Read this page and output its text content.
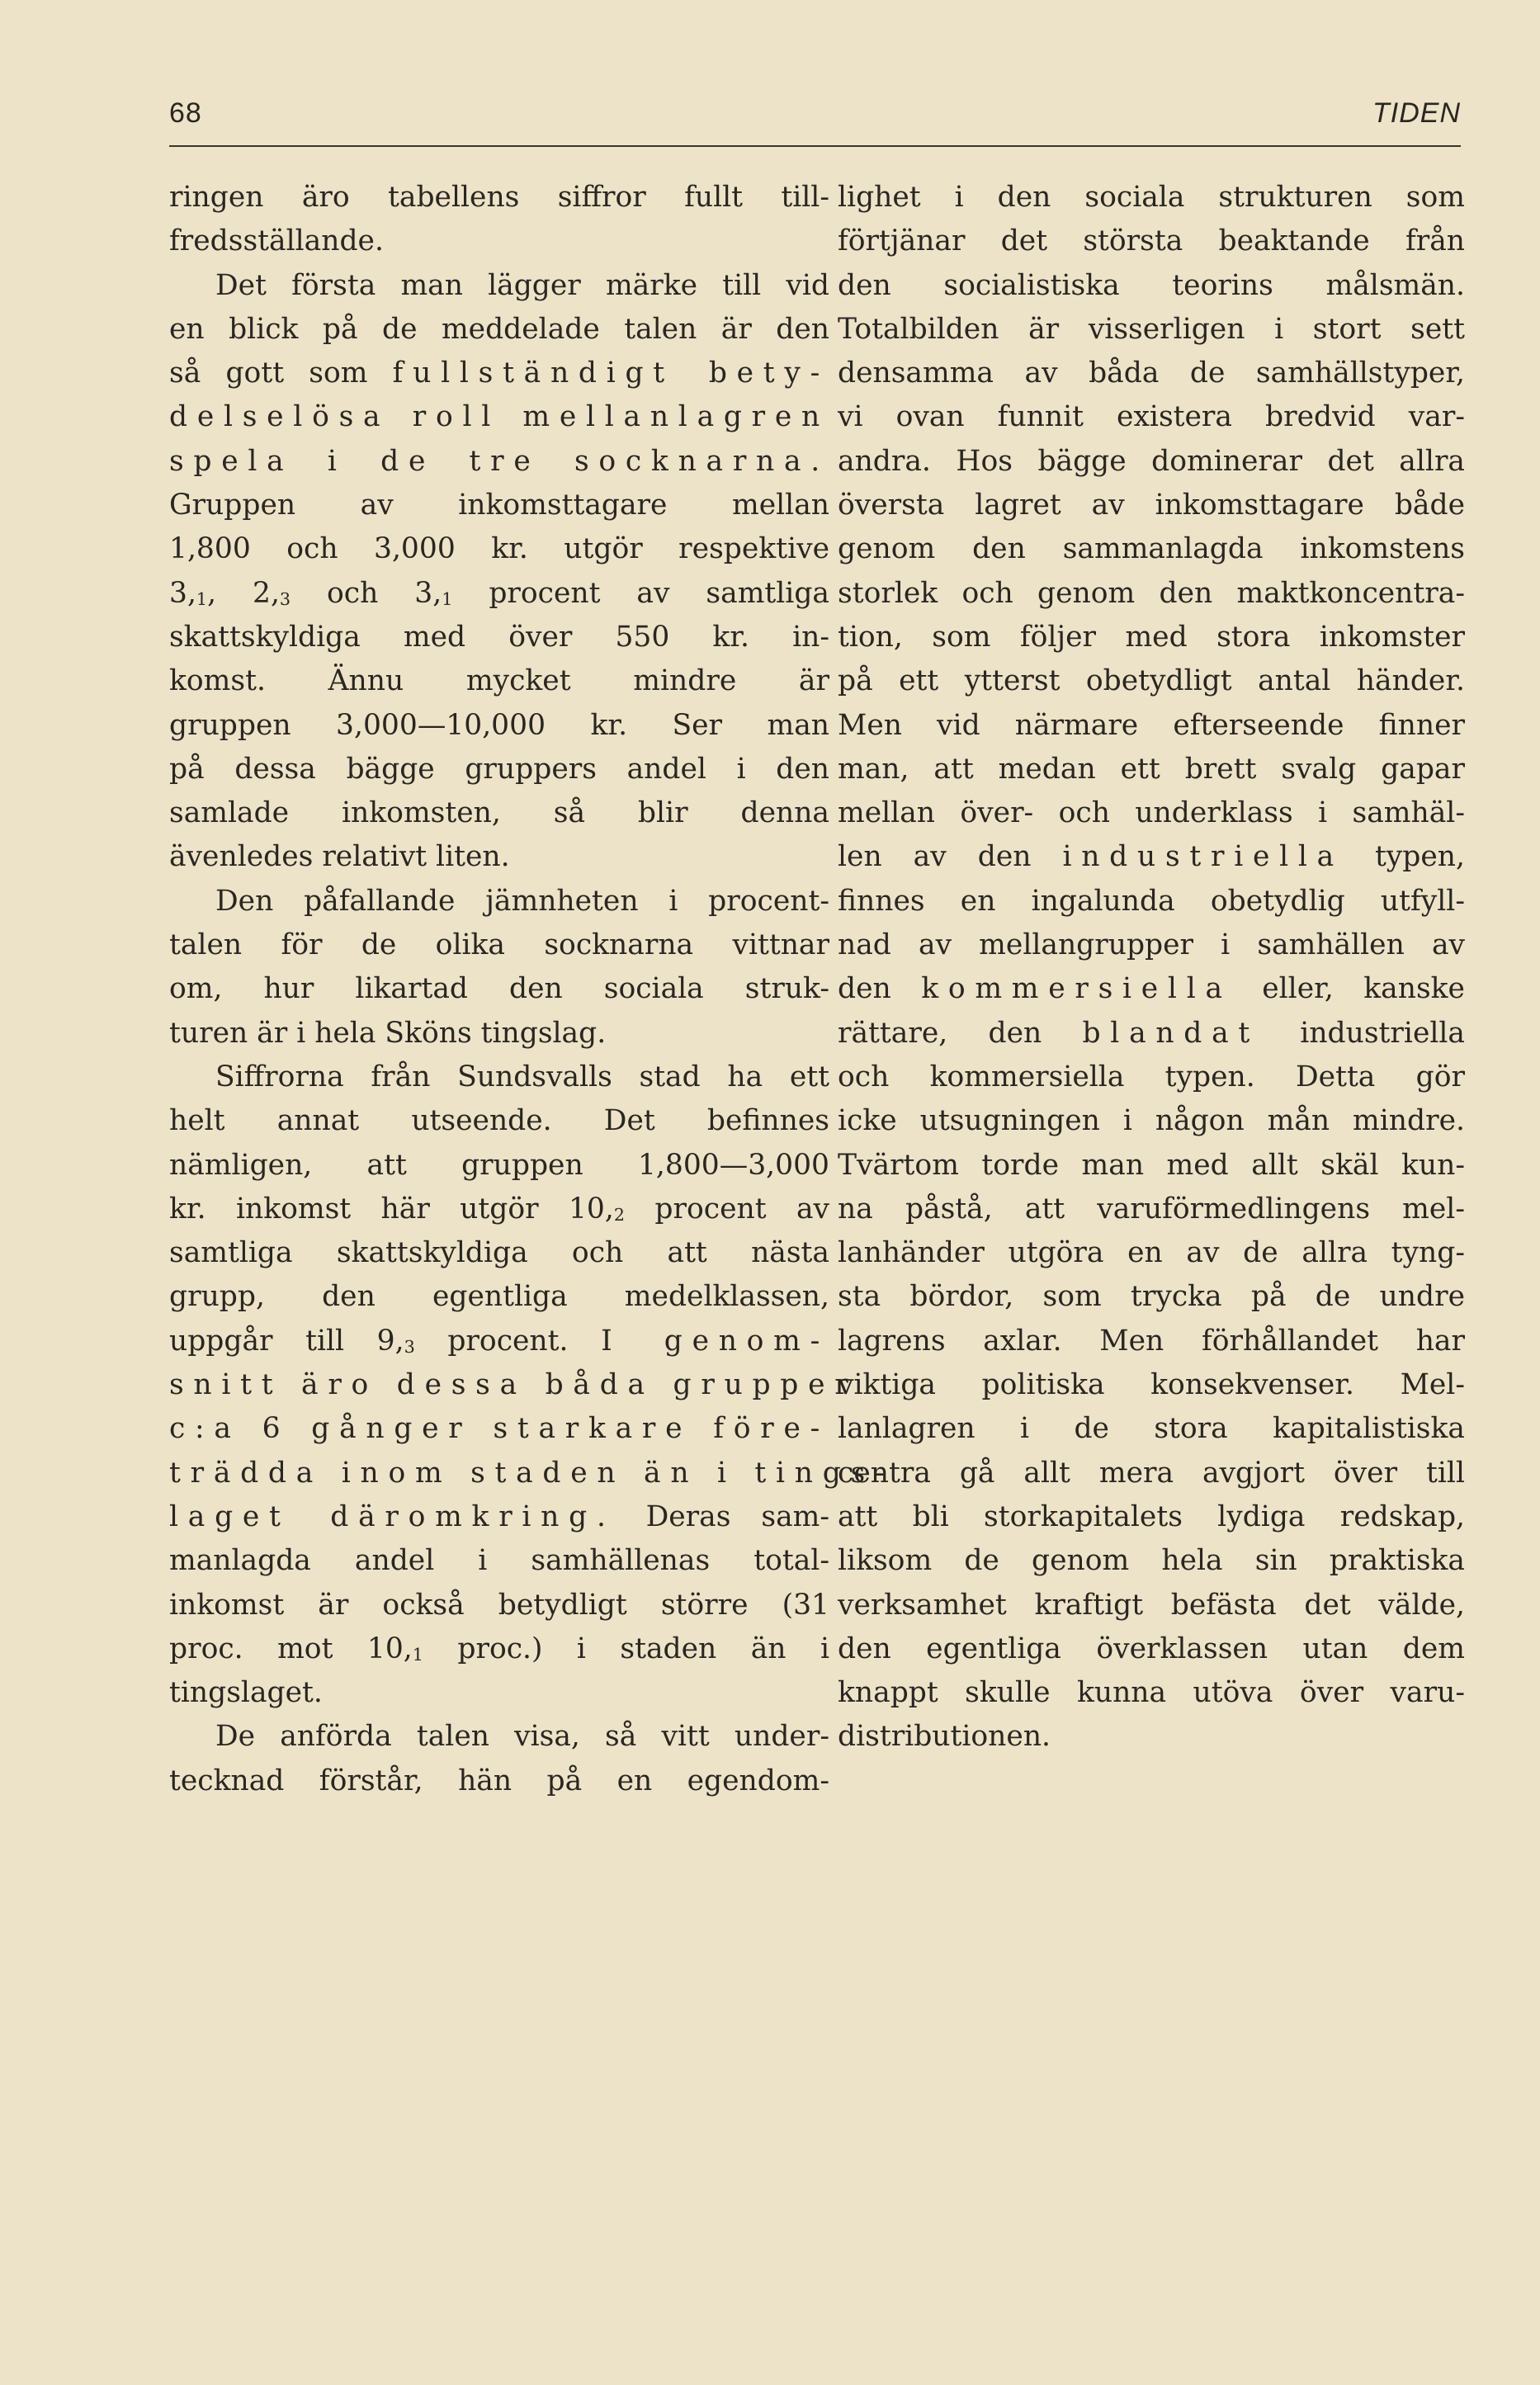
68	TIDEN
ringen äro tabellens siffror fullt till-
fredsställande.
Det första man lägger märke till vid
en blick på de meddelade talen är den
så gott som fullständigt bety-
delselösa roll mellanlagren
spela i de tre socknarna.
Gruppen av inkomsttagare mellan
1,800 och 3,000 kr. utgör respektive
$3,_1$, $2,_3$ och $3,_1$ procent av samtliga
skattskyldiga med över 550 kr. in-
komst. Ännu mycket mindre är
gruppen 3,000—10,000 kr. Ser man
på dessa bägge gruppers andel i den
samlade inkomsten, så blir denna
ävenledes relativt liten.
Den påfallande jämnheten i procent-
talen för de olika socknarna vittnar
om, hur likartad den sociala struk-
turen är i hela Sköns tingslag.
Siffrorna från Sundsvalls stad ha ett
helt annat utseende. Det befinnes
nämligen, att gruppen 1,800—3,000
kr. inkomst här utgör $10,_2$ procent av
samtliga skattskyldiga och att nästa
grupp, den egentliga medelklassen,
uppgår till $9,_3$ procent. I genom-
snitt äro dessa båda grupper
c:a 6 gånger starkare före-
trädda inom staden än i tings-
laget däromkring. Deras sam-
manlagda andel i samhällenas total-
inkomst är också betydligt större (31
proc. mot $10,_1$ proc.) i staden än i
tingslaget.
De anförda talen visa, så vitt under-
tecknad förstår, hän på en egendom-
lighet i den sociala strukturen som
förtjänar det största beaktande från
den socialistiska teorins målsmän.
Totalbilden är visserligen i stort sett
densamma av båda de samhällstyper,
vi ovan funnit existera bredvid var-
andra. Hos bägge dominerar det allra
översta lagret av inkomsttagare både
genom den sammanlagda inkomstens
storlek och genom den maktkoncentra-
tion, som följer med stora inkomster
på ett ytterst obetydligt antal händer.
Men vid närmare efterseende finner
man, att medan ett brett svalg gapar
mellan över- och underklass i samhäl-
len av den industriella typen,
finnes en ingalunda obetydlig utfyll-
nad av mellangrupper i samhällen av
den kommersiella eller, kanske
rättare, den blandat industriella
och kommersiella typen. Detta gör
icke utsugningen i någon mån mindre.
Tvärtom torde man med allt skäl kun-
na påstå, att varuförmedlingens mel-
lanhänder utgöra en av de allra tyng-
sta bördor, som trycka på de undre
lagrens axlar. Men förhållandet har
viktiga politiska konsekvenser. Mel-
lanlagren i de stora kapitalistiska
centra gå allt mera avgjort över till
att bli storkapitalets lydiga redskap,
liksom de genom hela sin praktiska
verksamhet kraftigt befästa det välde,
den egentliga överklassen utan dem
knappt skulle kunna utöva över varu-
distributionen.
